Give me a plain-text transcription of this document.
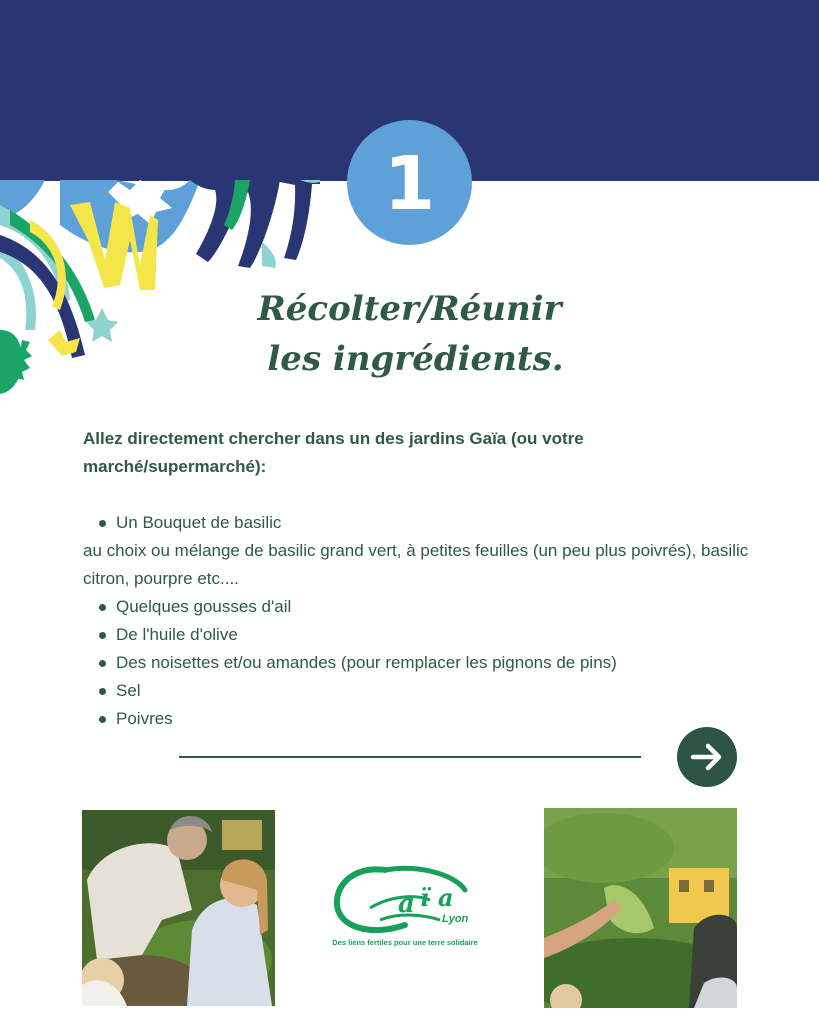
1
Récolter/Réunir
les ingrédients.
Allez directement chercher dans un des jardins Gaïa (ou votre marché/supermarché):
Un Bouquet de basilic
au choix ou mélange de basilic grand vert, à petites feuilles (un peu plus poivrés), basilic citron, pourpre etc....
Quelques gousses d'ail
De l'huile d'olive
Des noisettes et/ou amandes (pour remplacer les pignons de pins)
Sel
Poivres
a ï a
Lyon
Des liens fertiles pour une terre solidaire
